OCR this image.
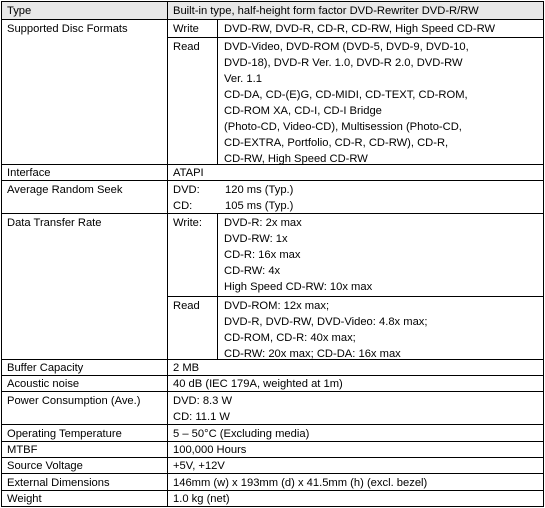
Type	Built-in type, half-height form factor DVD-Rewriter DVD-R/RW
Supported Disc Formats	Write	DVD-RW, DVD-R, CD-R, CD-RW, High Speed CD-RW
Read	DVD-Video, DVD-ROM (DVD-5, DVD-9, DVD-10,
DVD-18), DVD-R Ver. 1.0, DVD-R 2.0, DVD-RW
Ver. 1.1
CD-DA, CD-(E)G, CD-MIDI, CD-TEXT, CD-ROM,
CD-ROM XA, CD-I, CD-I Bridge
(Photo-CD, Video-CD), Multisession (Photo-CD,
CD-EXTRA, Portfolio, CD-R, CD-RW), CD-R,
CD-RW, High Speed CD-RW
Interface	ATAPI
Average Random Seek	DVD: 120 ms (Typ.)
CD:	105 ms (Typ.)
Data Transfer Rate	Write:	DVD-R: 2x max
DVD-RW: 1x
CD-R: 16x max
CD-RW: 4x
High Speed CD-RW: 10x max
Read	DVD-ROM: 12x max;
DVD-R, DVD-RW, DVD-Video: 4.8x max;
CD-ROM, CD-R: 40x max;
CD-RW: 20x max; CD-DA: 16x max
Buffer Capacity	2 MB
Acoustic noise	40 dB (IEC 179A, weighted at 1m)
Power Consumption (Ave.)	DVD: 8.3 W
CD: 11.1 W
Operating Temperature	5 – 50°C (Excluding media)
MTBF	100,000 Hours
Source Voltage	+5V, +12V
External Dimensions	146mm (w) x 193mm (d) x 41.5mm (h) (excl. bezel)
Weight	1.0 kg (net)
